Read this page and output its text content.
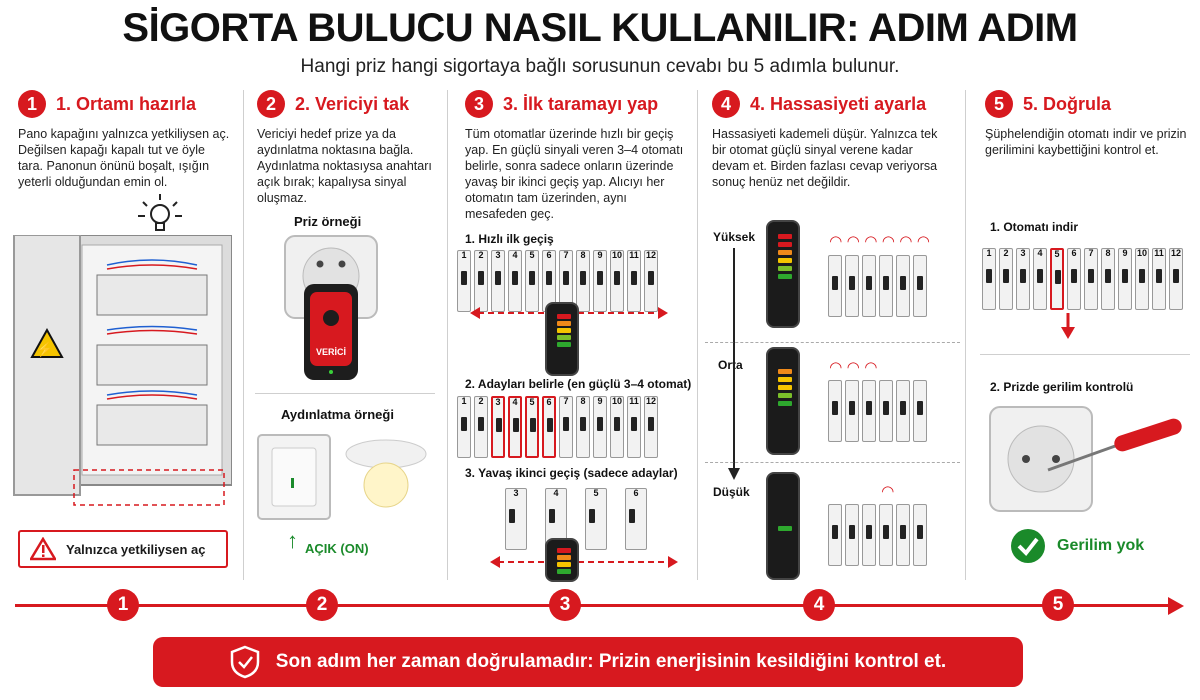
SİGORTA BULUCU NASIL KULLANILIR: ADIM ADIM
Hangi priz hangi sigortaya bağlı sorusunun cevabı bu 5 adımla bulunur.
1	1. Ortamı hazırla
Pano kapağını yalnızca yetkiliysen aç. Değilsen kapağı kapalı tut ve öyle tara. Panonun önünü boşalt, ışığın yeterli olduğundan emin ol.
⚡
Yalnızca yetkiliysen aç
2	2. Vericiyi tak
Vericiyi hedef prize ya da aydınlatma noktasına bağla. Aydınlatma noktasıysa anahtarı açık bırak; kapalıysa sinyal oluşmaz.
Priz örneği
VERİCİ
Aydınlatma örneği
↑ AÇIK (ON)
3	3. İlk taramayı yap
Tüm otomatlar üzerinde hızlı bir geçiş yap. En güçlü sinyali veren 3–4 otomatı belirle, sonra sadece onların üzerinde yavaş bir ikinci geçiş yap. Alıcıyı her otomatın tam üzerinden, aynı mesafeden geç.
1. Hızlı ilk geçiş
1	2	3	4	5	6	7	8	9	10 11 12
2. Adayları belirle (en güçlü 3–4 otomat)
1	2	3 4 5 6	7	8	9	10 11 12
3. Yavaş ikinci geçiş (sadece adaylar)
3	4	5	6
4	4. Hassasiyeti ayarla
Hassasiyeti kademeli düşür. Yalnızca tek bir otomat güçlü sinyal verene kadar devam et. Birden fazlası cevap veriyorsa sonuç henüz net değildir.
Yüksek
Orta
Düşük
◠◠◠◠◠◠
◠◠◠
◠
5	5. Doğrula
Şüphelendiğin otomatı indir ve prizin gerilimini kaybettiğini kontrol et.
1. Otomatı indir
1	2	3	4	5	6	7	8	9	10 11 12
2. Prizde gerilim kontrolü
Gerilim yok
1	2	3	4	5
Son adım her zaman doğrulamadır: Prizin enerjisinin kesildiğini kontrol et.
